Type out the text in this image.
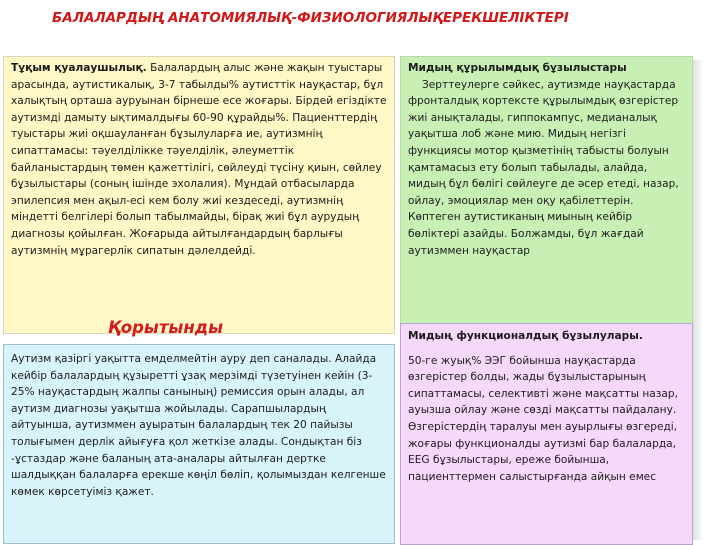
БАЛАЛАРДЫҢ АНАТОМИЯЛЫҚ-ФИЗИОЛОГИЯЛЫҚЕРЕКШЕЛІКТЕРІ

Тұқым қуалаушылық. Балалардың алыс және жақын туыстары арасында, аутистикалық, 3-7 табылды% аутисттік науқастар, бұл халықтың орташа ауруынан бірнеше есе жоғары. Бірдей егіздікте аутизмді дамыту ықтималдығы 60-90 құрайды%. Пациенттердің туыстары жиі оқшауланған бұзылуларға ие, аутизмнің сипаттамасы: тәуелділікке тәуелділік, әлеуметтік байланыстардың төмен қажеттілігі, сөйлеуді түсіну қиын, сөйлеу бұзылыстары (соның ішінде эхолалия). Мұндай отбасыларда эпилепсия мен ақыл-есі кем болу жиі кездеседі, аутизмнің міндетті белгілері болып табылмайды, бірақ жиі бұл аурудың диагнозы қойылған. Жоғарыда айтылғандардың барлығы аутизмнің мұрагерлік сипатын дәлелдейді.

Мидың құрылымдық бұзылыстары

Зерттеулерге сәйкес, аутизмде науқастарда фронталдық кортексте құрылымдық өзгерістер жиі анықталады, гиппокампус, медианалық уақытша лоб және мию. Мидың негізгі функциясы мотор қызметінің табысты болуын қамтамасыз ету болып табылады, алайда, мидың бұл бөлігі сөйлеуге де әсер етеді, назар, ойлау, эмоциялар мен оқу қабілеттерін. Көптеген аутистиканың миының кейбір бөліктері азайды. Болжамды, бұл жағдай аутизммен науқастар

Мидың функционалдық бұзылулары.

50-ге жуық% ЭЭГ бойынша науқастарда өзгерістер болды, жады бұзылыстарының сипаттамасы, селективті және мақсатты назар, ауызша ойлау және сөзді мақсатты пайдалану. Өзгерістердің таралуы мен ауырлығы өзгереді, жоғары функционалды аутизмі бар балаларда, EEG бұзылыстары, ереже бойынша, пациенттермен салыстырғанда айқын емес

Аутизм қазіргі уақытта емделмейтін ауру деп саналады. Алайда кейбір балалардың құзыретті ұзақ мерзімді түзетуінен кейін (3-25% науқастардың жалпы санының) ремиссия орын алады, ал аутизм диагнозы уақытша жойылады. Сарапшылардың айтуынша, аутизммен ауыратын балалардың тек 20 пайызы толығымен дерлік айығуға қол жеткізе алады. Сондықтан біз -ұстаздар және баланың ата-аналары айтылған дертке шалдыққан балаларға ерекше көңіл бөліп, қолымыздан келгенше көмек көрсетуіміз қажет.

Қорытынды
